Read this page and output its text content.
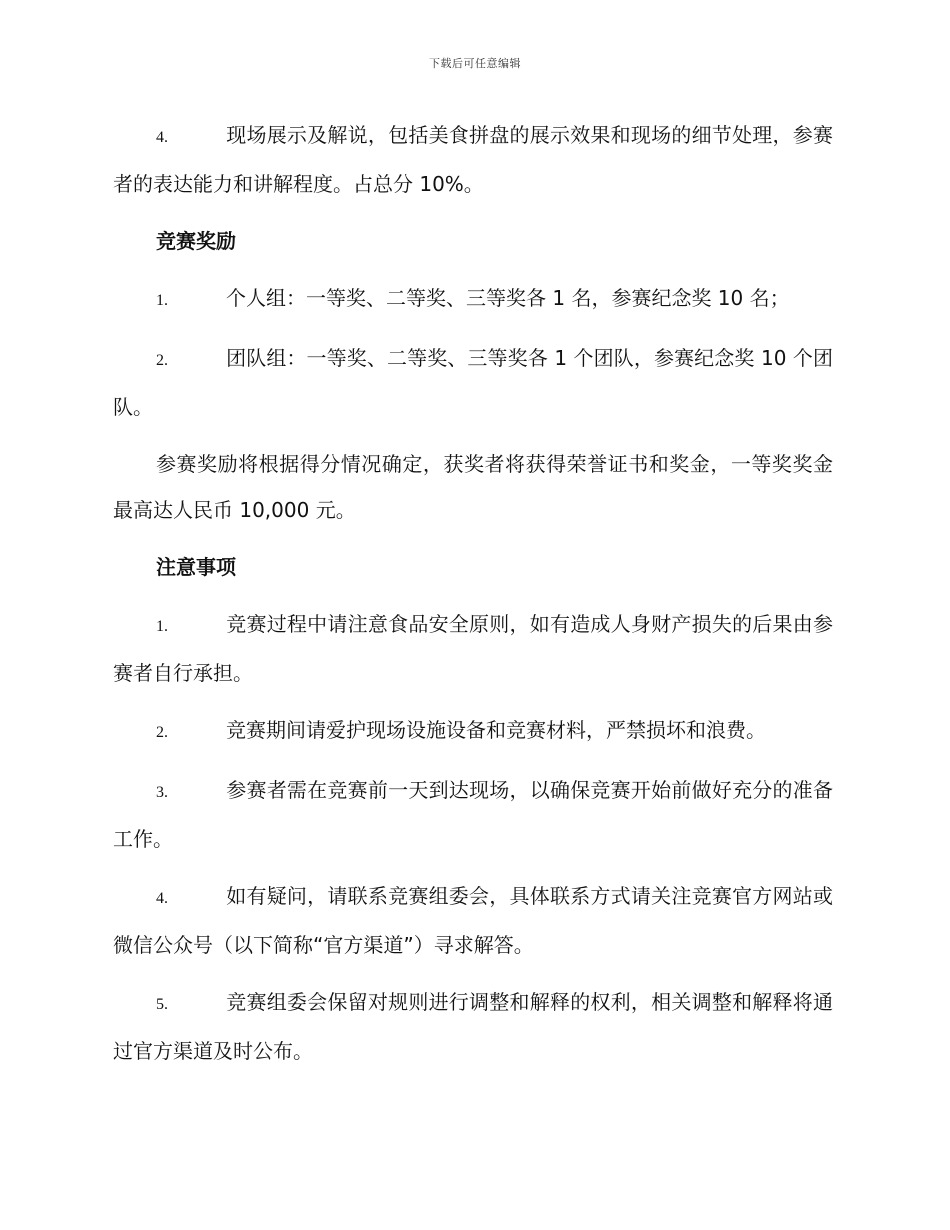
下载后可任意编辑

4.	现场展示及解说，包括美食拼盘的展示效果和现场的细节处理，参赛者的表达能力和讲解程度。占总分 10%。

竞赛奖励

1.	个人组：一等奖、二等奖、三等奖各 1 名，参赛纪念奖 10 名；

2.	团队组：一等奖、二等奖、三等奖各 1 个团队，参赛纪念奖 10 个团队。

参赛奖励将根据得分情况确定，获奖者将获得荣誉证书和奖金，一等奖奖金最高达人民币 10,000 元。

注意事项

1.	竞赛过程中请注意食品安全原则，如有造成人身财产损失的后果由参赛者自行承担。

2.	竞赛期间请爱护现场设施设备和竞赛材料，严禁损坏和浪费。

3.	参赛者需在竞赛前一天到达现场，以确保竞赛开始前做好充分的准备工作。

4.	如有疑问，请联系竞赛组委会，具体联系方式请关注竞赛官方网站或微信公众号（以下简称“官方渠道”）寻求解答。

5.	竞赛组委会保留对规则进行调整和解释的权利，相关调整和解释将通过官方渠道及时公布。
